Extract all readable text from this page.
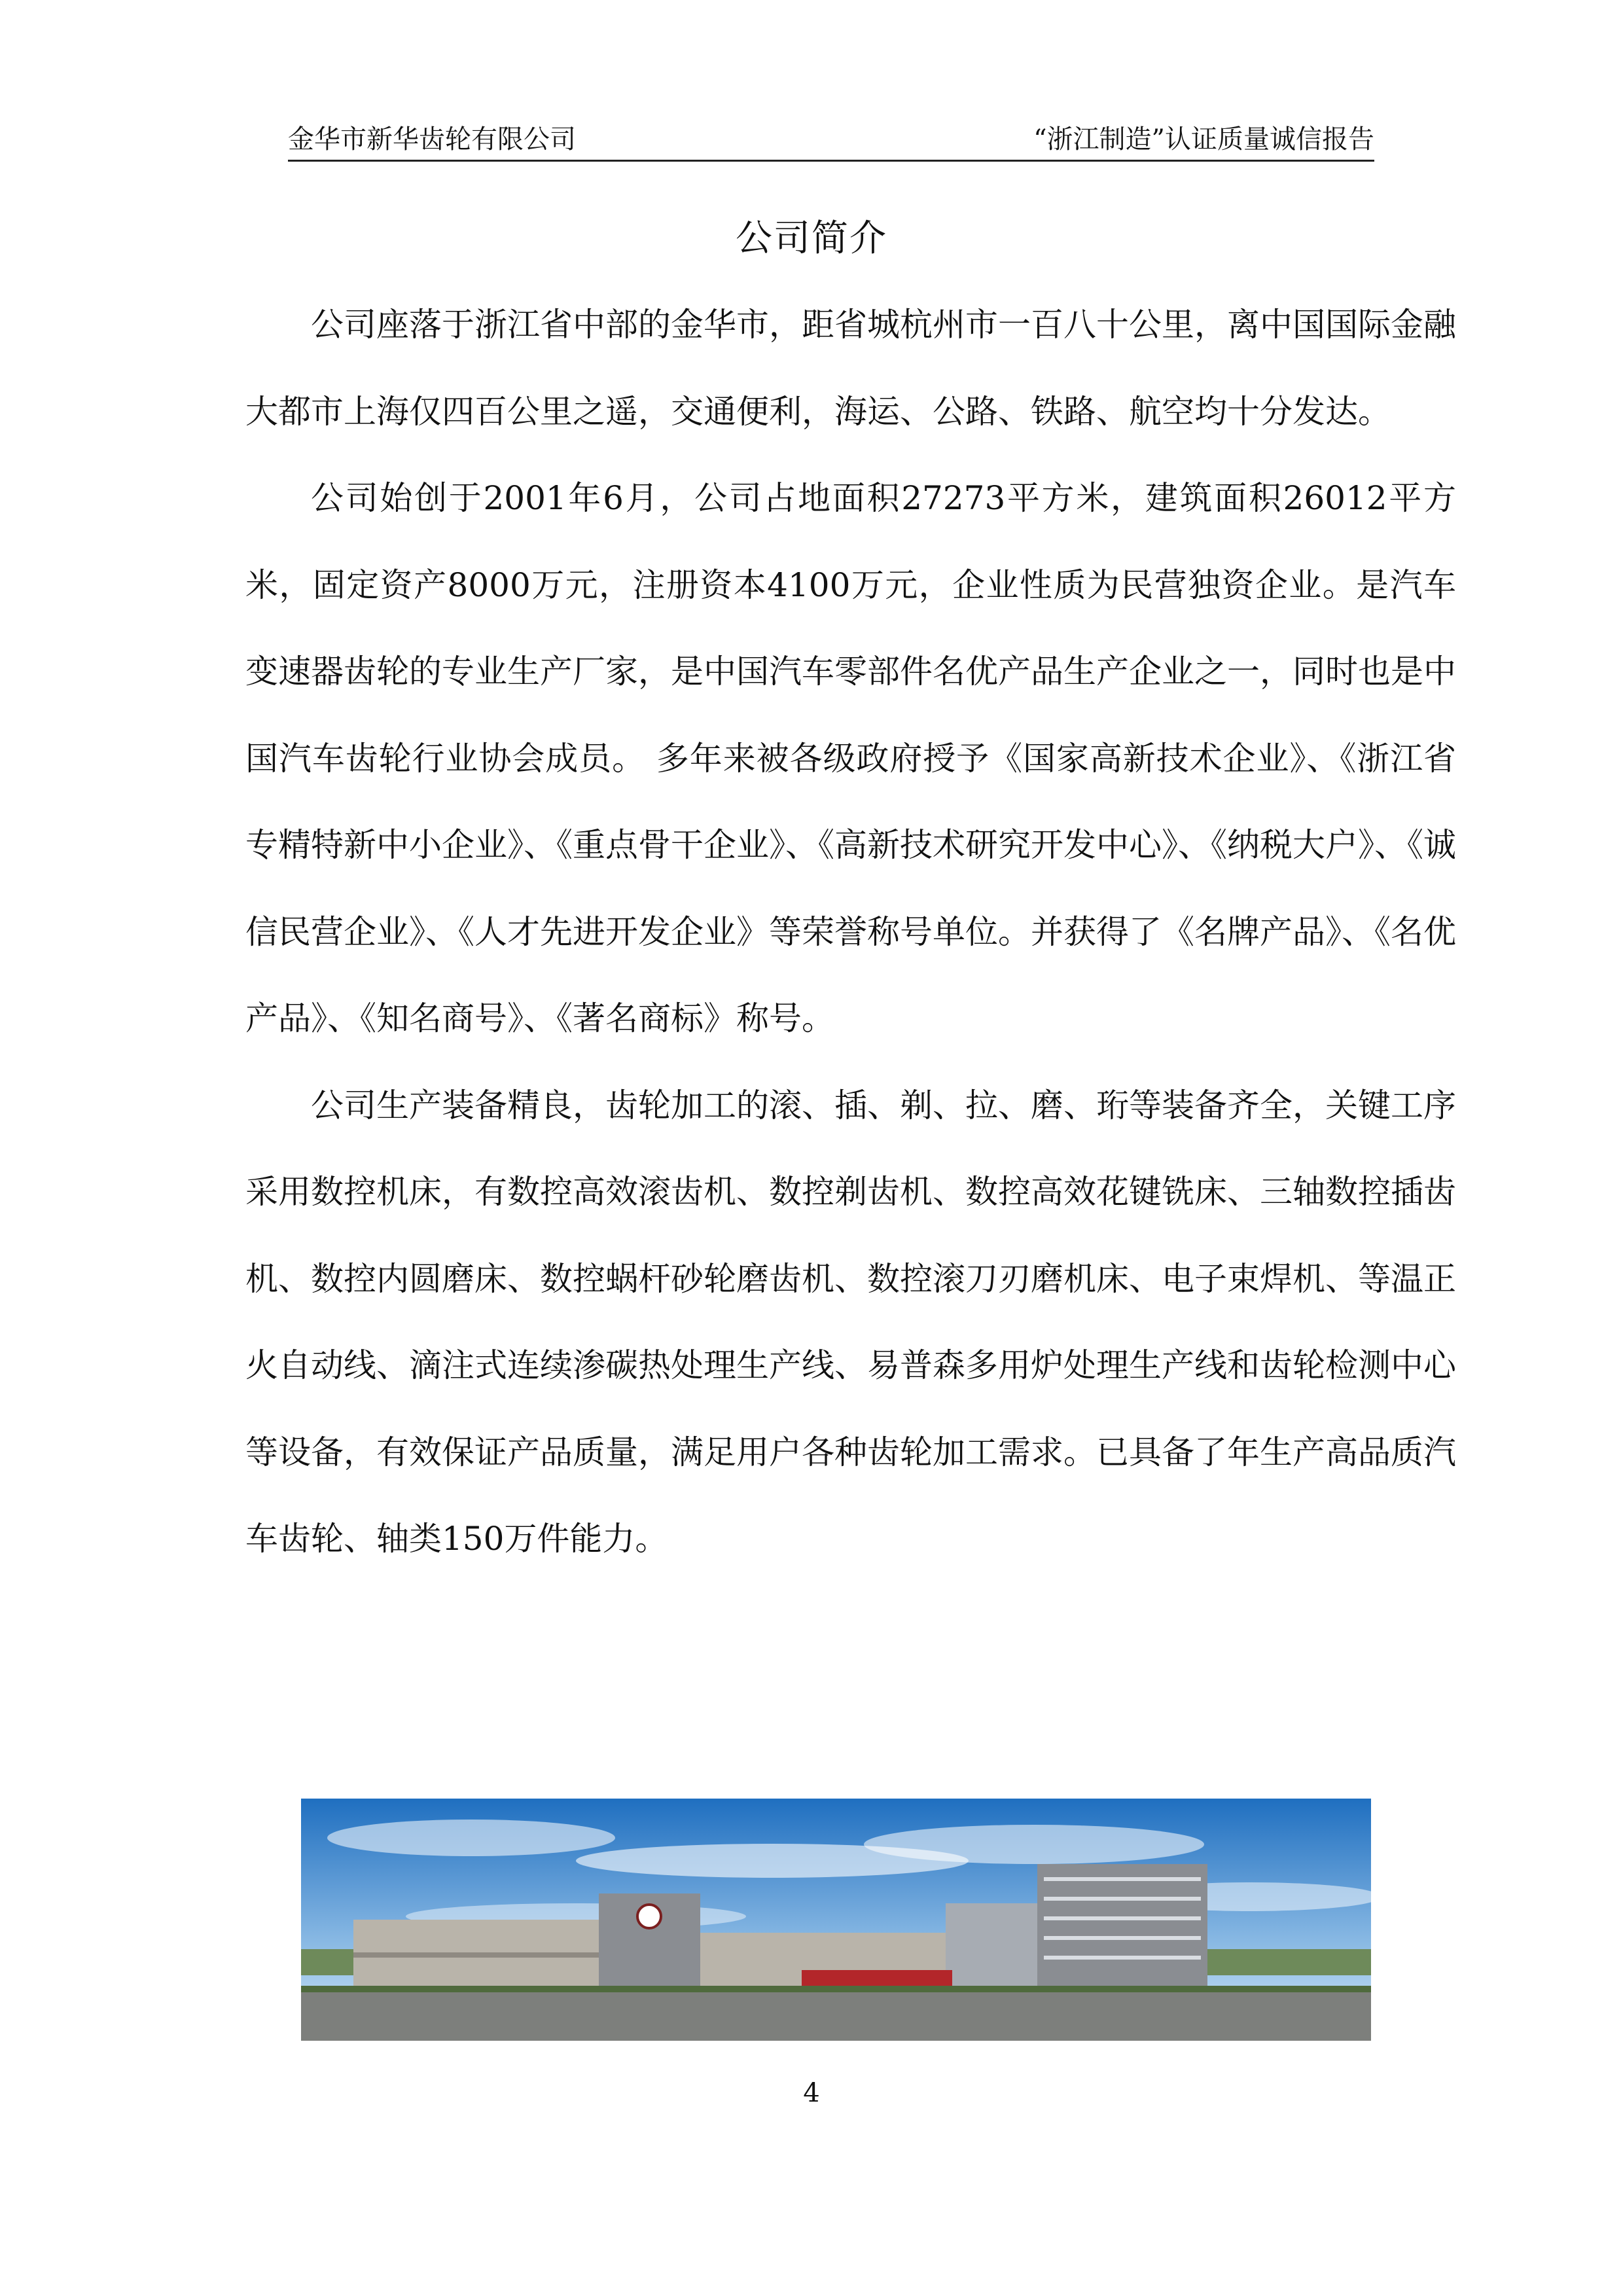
金华市新华齿轮有限公司	“浙江制造”认证质量诚信报告
公司简介

公司座落于浙江省中部的金华市，距省城杭州市一百八十公里，离中国国际金融大都市上海仅四百公里之遥，交通便利，海运、公路、铁路、航空均十分发达。

公司始创于2001年6月，公司占地面积27273平方米，建筑面积26012平方米，固定资产8000万元，注册资本4100万元，企业性质为民营独资企业。是汽车变速器齿轮的专业生产厂家，是中国汽车零部件名优产品生产企业之一，同时也是中国汽车齿轮行业协会成员。 多年来被各级政府授予《国家高新技术企业》、《浙江省专精特新中小企业》、《重点骨干企业》、《高新技术研究开发中心》、《纳税大户》、《诚信民营企业》、《人才先进开发企业》等荣誉称号单位。并获得了《名牌产品》、《名优产品》、《知名商号》、《著名商标》称号。

公司生产装备精良，齿轮加工的滚、插、剃、拉、磨、珩等装备齐全，关键工序采用数控机床，有数控高效滚齿机、数控剃齿机、数控高效花键铣床、三轴数控插齿机、数控内圆磨床、数控蜗杆砂轮磨齿机、数控滚刀刃磨机床、电子束焊机、等温正火自动线、滴注式连续渗碳热处理生产线、易普森多用炉处理生产线和齿轮检测中心等设备，有效保证产品质量，满足用户各种齿轮加工需求。已具备了年生产高品质汽车齿轮、轴类150万件能力。

4
